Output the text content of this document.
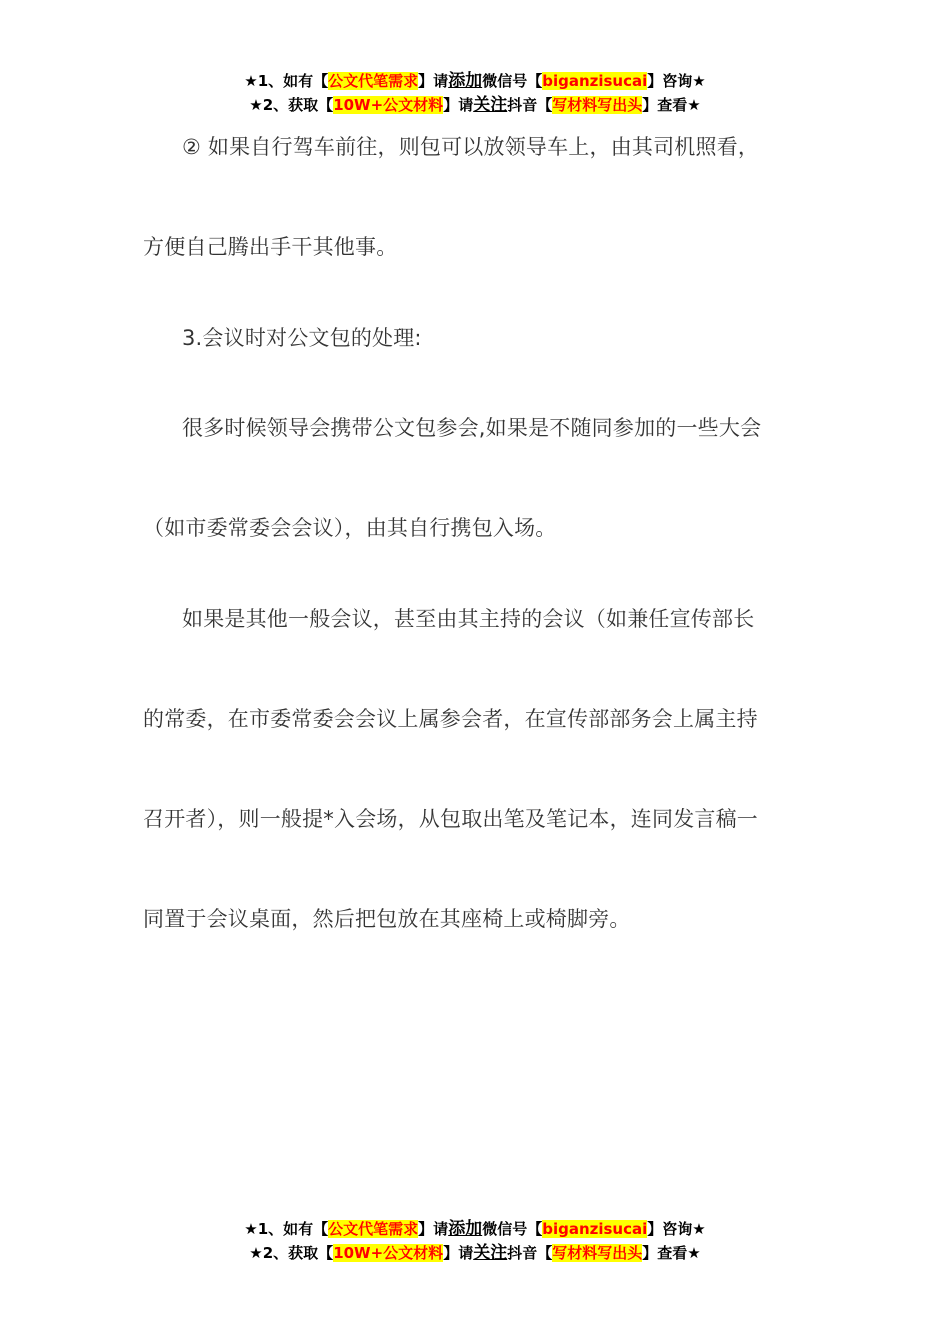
★1、如有【公文代笔需求】请添加微信号【biganzisucai】咨询★
★2、获取【10W+公文材料】请关注抖音【写材料写出头】查看★
② 如果自行驾车前往，则包可以放领导车上，由其司机照看，
方便自己腾出手干其他事。
3.会议时对公文包的处理:
很多时候领导会携带公文包参会,如果是不随同参加的一些大会
（如市委常委会会议），由其自行携包入场。
如果是其他一般会议，甚至由其主持的会议（如兼任宣传部长
的常委，在市委常委会会议上属参会者，在宣传部部务会上属主持
召开者），则一般提*入会场，从包取出笔及笔记本，连同发言稿一
同置于会议桌面，然后把包放在其座椅上或椅脚旁。
★1、如有【公文代笔需求】请添加微信号【biganzisucai】咨询★
★2、获取【10W+公文材料】请关注抖音【写材料写出头】查看★
